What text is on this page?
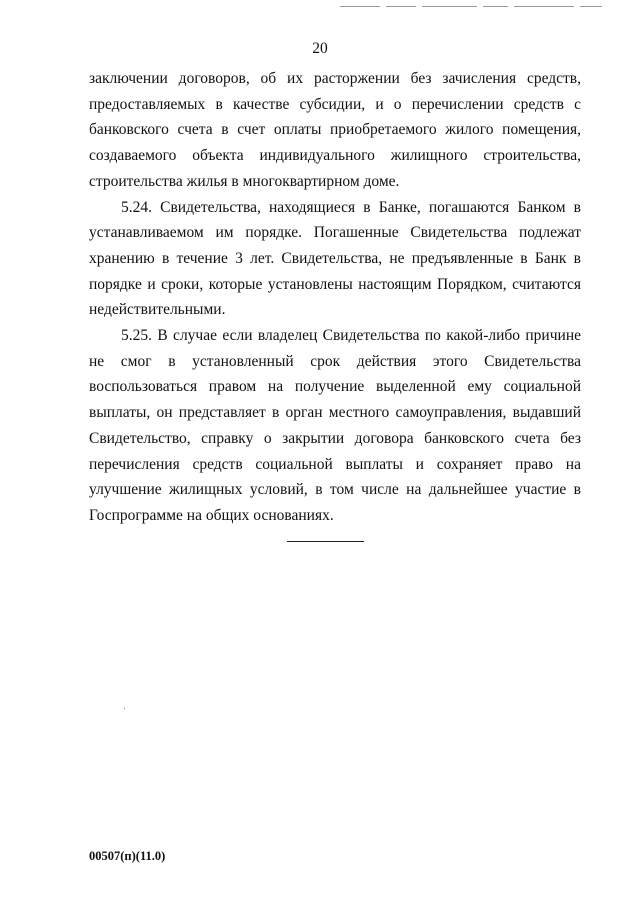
20

заключении договоров, об их расторжении без зачисления средств, предоставляемых в качестве субсидии, и о перечислении средств с банковского счета в счет оплаты приобретаемого жилого помещения, создаваемого объекта индивидуального жилищного строительства, строительства жилья в многоквартирном доме.

5.24. Свидетельства, находящиеся в Банке, погашаются Банком в устанавливаемом им порядке. Погашенные Свидетельства подлежат хранению в течение 3 лет. Свидетельства, не предъявленные в Банк в порядке и сроки, которые установлены настоящим Порядком, считаются недействительными.

5.25. В случае если владелец Свидетельства по какой-либо причине не смог в установленный срок действия этого Свидетельства воспользоваться правом на получение выделенной ему социальной выплаты, он представляет в орган местного самоуправления, выдавший Свидетельство, справку о закрытии договора банковского счета без перечисления средств социальной выплаты и сохраняет право на улучшение жилищных условий, в том числе на дальнейшее участие в Госпрограмме на общих основаниях.

00507(п)(11.0)
